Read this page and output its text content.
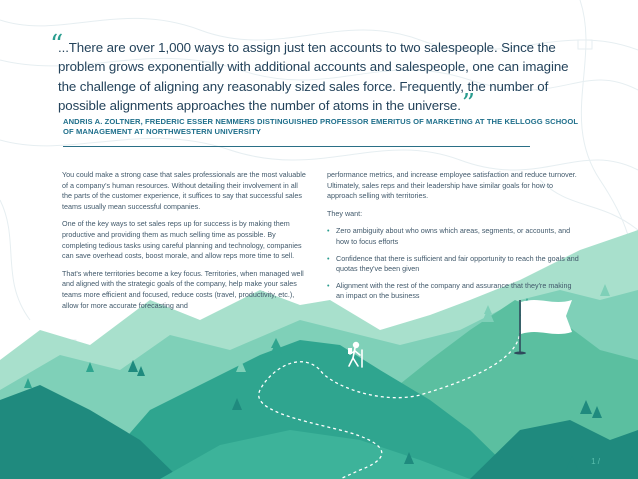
“

...There are over 1,000 ways to assign just ten accounts to two salespeople. Since the problem grows exponentially with additional accounts and salespeople, one can imagine the challenge of aligning any reasonably sized sales force. Frequently, the number of possible alignments approaches the number of atoms in the universe. ”

ANDRIS A. ZOLTNER, FREDERIC ESSER NEMMERS DISTINGUISHED PROFESSOR EMERITUS OF MARKETING AT THE KELLOGG SCHOOL OF MANAGEMENT AT NORTHWESTERN UNIVERSITY

You could make a strong case that sales professionals are the most valuable of a company's human resources. Without detailing their involvement in all the parts of the customer experience, it suffices to say that successful sales teams usually mean successful companies.

One of the key ways to set sales reps up for success is by making them productive and providing them as much selling time as possible. By completing tedious tasks using careful planning and technology, companies can save overhead costs, boost morale, and allow reps more time to sell.

That's where territories become a key focus. Territories, when managed well and aligned with the strategic goals of the company, help make your sales teams more efficient and focused, reduce costs (travel, productivity, etc.), allow for more accurate forecasting and

performance metrics, and increase employee satisfaction and reduce turnover. Ultimately, sales reps and their leadership have similar goals for how to approach selling with territories.

They want:

• Zero ambiguity about who owns which areas, segments, or accounts, and how to focus efforts
• Confidence that there is sufficient and fair opportunity to reach the goals and quotas they've been given
• Alignment with the rest of the company and assurance that they're making an impact on the business
1 /
